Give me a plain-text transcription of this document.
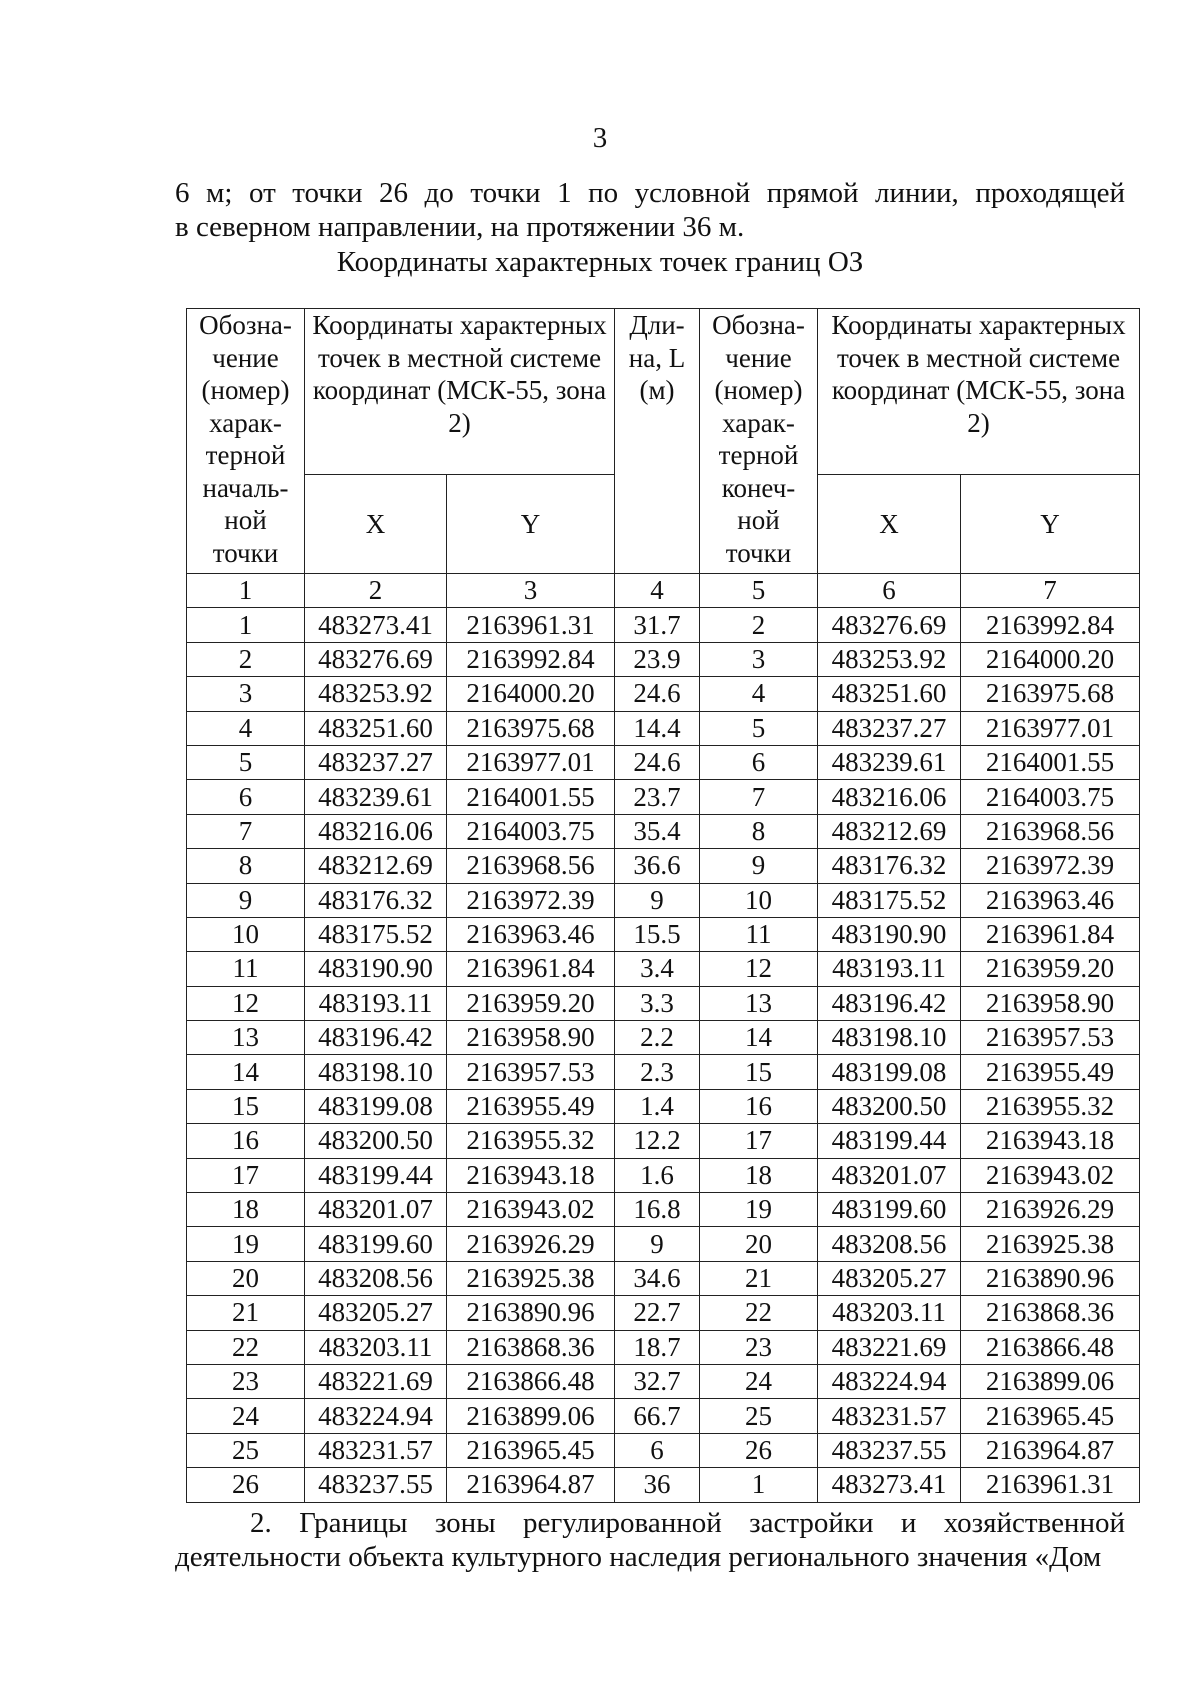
3
6 м; от точки 26 до точки 1 по условной прямой линии, проходящей
в северном направлении, на протяжении 36 м.
Координаты характерных точек границ ОЗ
Обозна-чение (номер) харак-терной началь-ной точки	Координаты характерных точек в местной системе координат (МСК-55, зона 2)		Дли-на, L (м)	Обозна-чение (номер) харак-терной конеч-ной точки	Координаты характерных точек в местной системе координат (МСК-55, зона 2)	
	X	Y			X	Y
1	2	3	4	5	6	7
1	483273.41	2163961.31	31.7	2	483276.69	2163992.84
2	483276.69	2163992.84	23.9	3	483253.92	2164000.20
3	483253.92	2164000.20	24.6	4	483251.60	2163975.68
4	483251.60	2163975.68	14.4	5	483237.27	2163977.01
5	483237.27	2163977.01	24.6	6	483239.61	2164001.55
6	483239.61	2164001.55	23.7	7	483216.06	2164003.75
7	483216.06	2164003.75	35.4	8	483212.69	2163968.56
8	483212.69	2163968.56	36.6	9	483176.32	2163972.39
9	483176.32	2163972.39	9	10	483175.52	2163963.46
10	483175.52	2163963.46	15.5	11	483190.90	2163961.84
11	483190.90	2163961.84	3.4	12	483193.11	2163959.20
12	483193.11	2163959.20	3.3	13	483196.42	2163958.90
13	483196.42	2163958.90	2.2	14	483198.10	2163957.53
14	483198.10	2163957.53	2.3	15	483199.08	2163955.49
15	483199.08	2163955.49	1.4	16	483200.50	2163955.32
16	483200.50	2163955.32	12.2	17	483199.44	2163943.18
17	483199.44	2163943.18	1.6	18	483201.07	2163943.02
18	483201.07	2163943.02	16.8	19	483199.60	2163926.29
19	483199.60	2163926.29	9	20	483208.56	2163925.38
20	483208.56	2163925.38	34.6	21	483205.27	2163890.96
21	483205.27	2163890.96	22.7	22	483203.11	2163868.36
22	483203.11	2163868.36	18.7	23	483221.69	2163866.48
23	483221.69	2163866.48	32.7	24	483224.94	2163899.06
24	483224.94	2163899.06	66.7	25	483231.57	2163965.45
25	483231.57	2163965.45	6	26	483237.55	2163964.87
26	483237.55	2163964.87	36	1	483273.41	2163961.31
2. Границы зоны регулированной застройки и хозяйственной
деятельности объекта культурного наследия регионального значения «Дом
